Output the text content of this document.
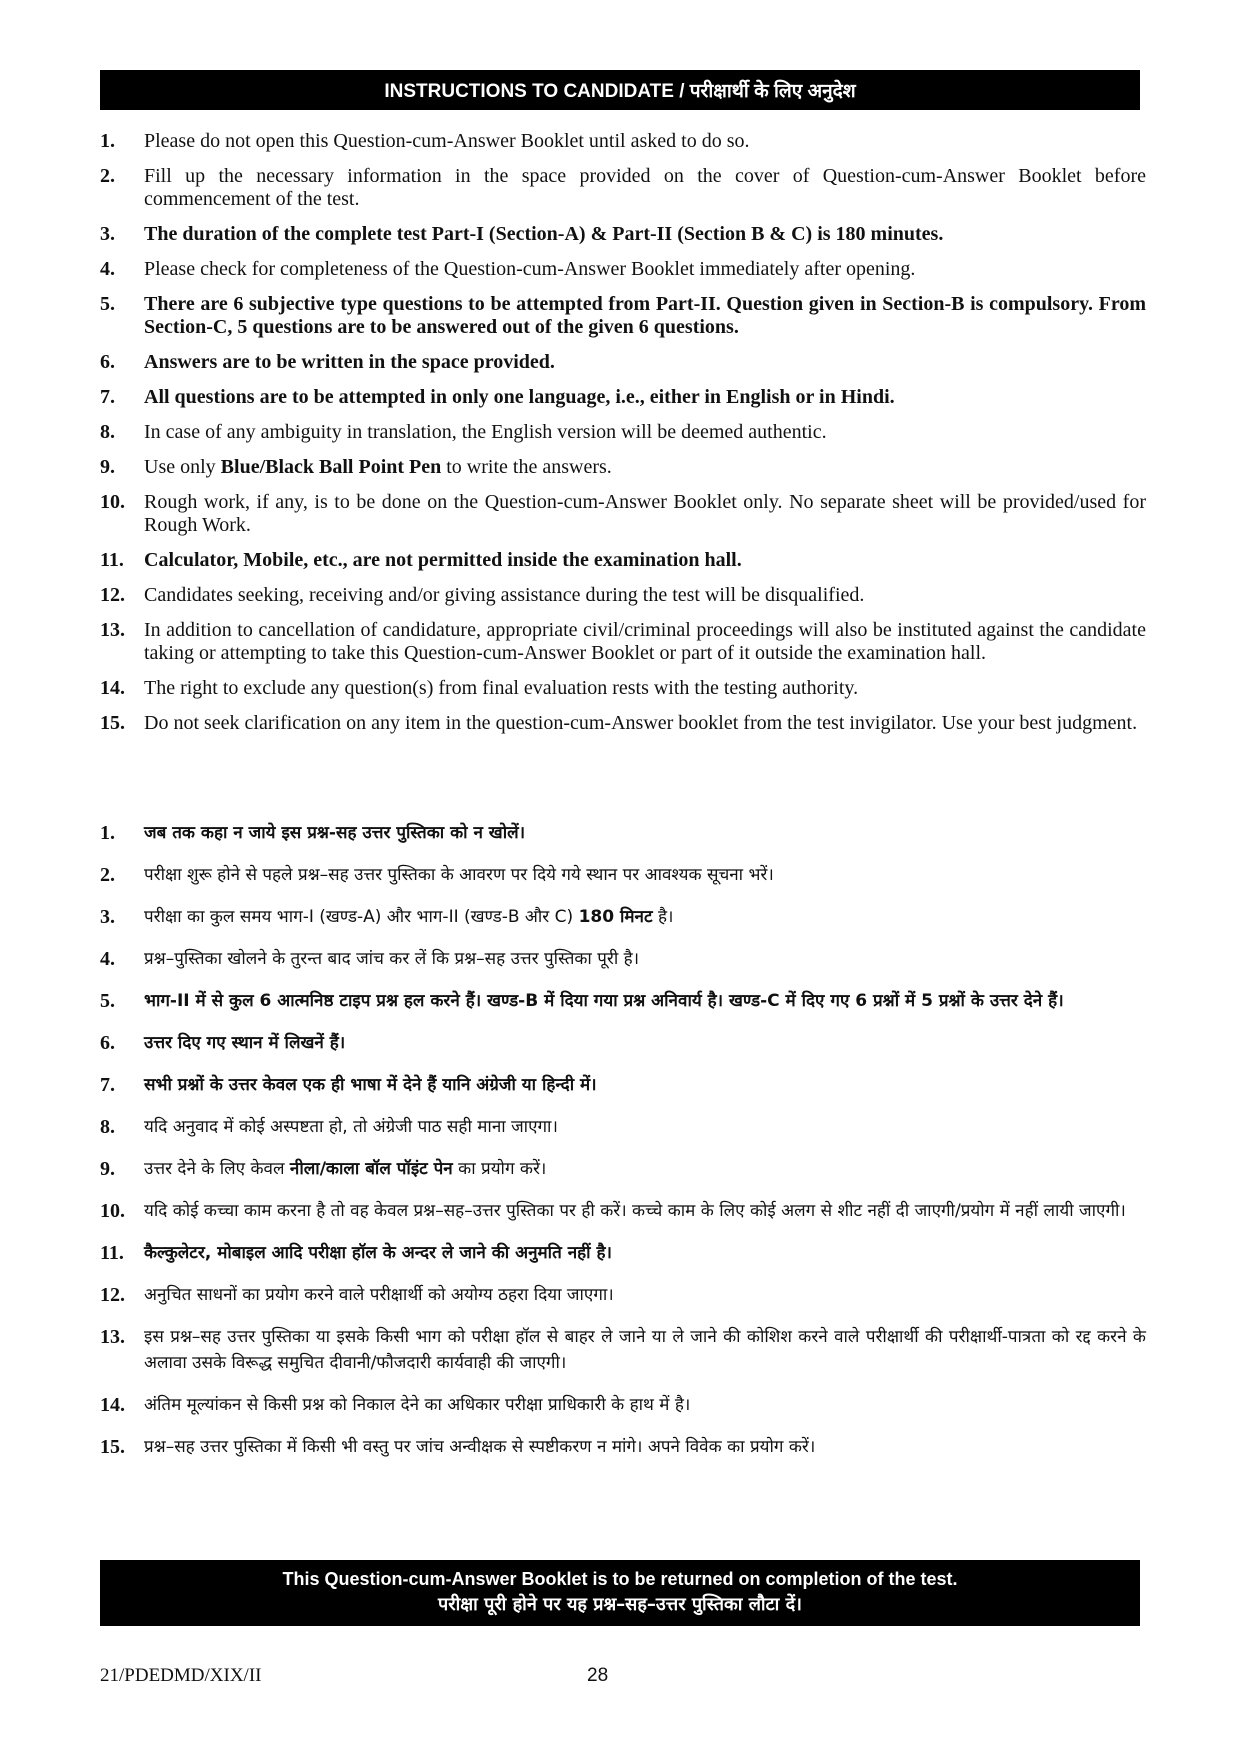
INSTRUCTIONS TO CANDIDATE / परीक्षार्थी के लिए अनुदेश
1.	Please do not open this Question-cum-Answer Booklet until asked to do so.
2.	Fill up the necessary information in the space provided on the cover of Question-cum-Answer Booklet before commencement of the test.
3.	The duration of the complete test Part-I (Section-A) & Part-II (Section B & C) is 180 minutes.
4.	Please check for completeness of the Question-cum-Answer Booklet immediately after opening.
5.	There are 6 subjective type questions to be attempted from Part-II. Question given in Section-B is compulsory. From Section-C, 5 questions are to be answered out of the given 6 questions.
6.	Answers are to be written in the space provided.
7.	All questions are to be attempted in only one language, i.e., either in English or in Hindi.
8.	In case of any ambiguity in translation, the English version will be deemed authentic.
9.	Use only Blue/Black Ball Point Pen to write the answers.
10. Rough work, if any, is to be done on the Question-cum-Answer Booklet only. No separate sheet will be provided/used for Rough Work.
11.	Calculator, Mobile, etc., are not permitted inside the examination hall.
12. Candidates seeking, receiving and/or giving assistance during the test will be disqualified.
13. In addition to cancellation of candidature, appropriate civil/criminal proceedings will also be instituted against the candidate taking or attempting to take this Question-cum-Answer Booklet or part of it outside the examination hall.
14. The right to exclude any question(s) from final evaluation rests with the testing authority.
15. Do not seek clarification on any item in the question-cum-Answer booklet from the test invigilator. Use your best judgment.
1.	जब तक कहा न जाये इस प्रश्न-सह उत्तर पुस्तिका को न खोलें।
2.	परीक्षा शुरू होने से पहले प्रश्न–सह उत्तर पुस्तिका के आवरण पर दिये गये स्थान पर आवश्यक सूचना भरें।
3.	परीक्षा का कुल समय भाग-I (खण्ड-A) और भाग-II (खण्ड-B और C) 180 मिनट है।
4.	प्रश्न–पुस्तिका खोलने के तुरन्त बाद जांच कर लें कि प्रश्न–सह उत्तर पुस्तिका पूरी है।
5.	भाग-II में से कुल 6 आत्मनिष्ठ टाइप प्रश्न हल करने हैं। खण्ड-B में दिया गया प्रश्न अनिवार्य है। खण्ड-C में दिए गए 6 प्रश्नों में 5 प्रश्नों के उत्तर देने हैं।
6.	उत्तर दिए गए स्थान में लिखनें हैं।
7.	सभी प्रश्नों के उत्तर केवल एक ही भाषा में देने हैं यानि अंग्रेजी या हिन्दी में।
8.	यदि अनुवाद में कोई अस्पष्टता हो, तो अंग्रेजी पाठ सही माना जाएगा।
9.	उत्तर देने के लिए केवल नीला/काला बॉल पॉइंट पेन का प्रयोग करें।
10.	यदि कोई कच्चा काम करना है तो वह केवल प्रश्न–सह–उत्तर पुस्तिका पर ही करें। कच्चे काम के लिए कोई अलग से शीट नहीं दी जाएगी/प्रयोग में नहीं लायी जाएगी।
11.	कैल्कुलेटर, मोबाइल आदि परीक्षा हॉल के अन्दर ले जाने की अनुमति नहीं है।
12.	अनुचित साधनों का प्रयोग करने वाले परीक्षार्थी को अयोग्य ठहरा दिया जाएगा।
13.	इस प्रश्न–सह उत्तर पुस्तिका या इसके किसी भाग को परीक्षा हॉल से बाहर ले जाने या ले जाने की कोशिश करने वाले परीक्षार्थी की परीक्षार्थी-पात्रता को रद्द करने के अलावा उसके विरूद्ध समुचित दीवानी/फौजदारी कार्यवाही की जाएगी।
14.	अंतिम मूल्यांकन से किसी प्रश्न को निकाल देने का अधिकार परीक्षा प्राधिकारी के हाथ में है।
15.	प्रश्न–सह उत्तर पुस्तिका में किसी भी वस्तु पर जांच अन्वीक्षक से स्पष्टीकरण न मांगे। अपने विवेक का प्रयोग करें।
This Question-cum-Answer Booklet is to be returned on completion of the test.
परीक्षा पूरी होने पर यह प्रश्न–सह–उत्तर पुस्तिका लौटा दें।
21/PDEDMD/XIX/II	28
